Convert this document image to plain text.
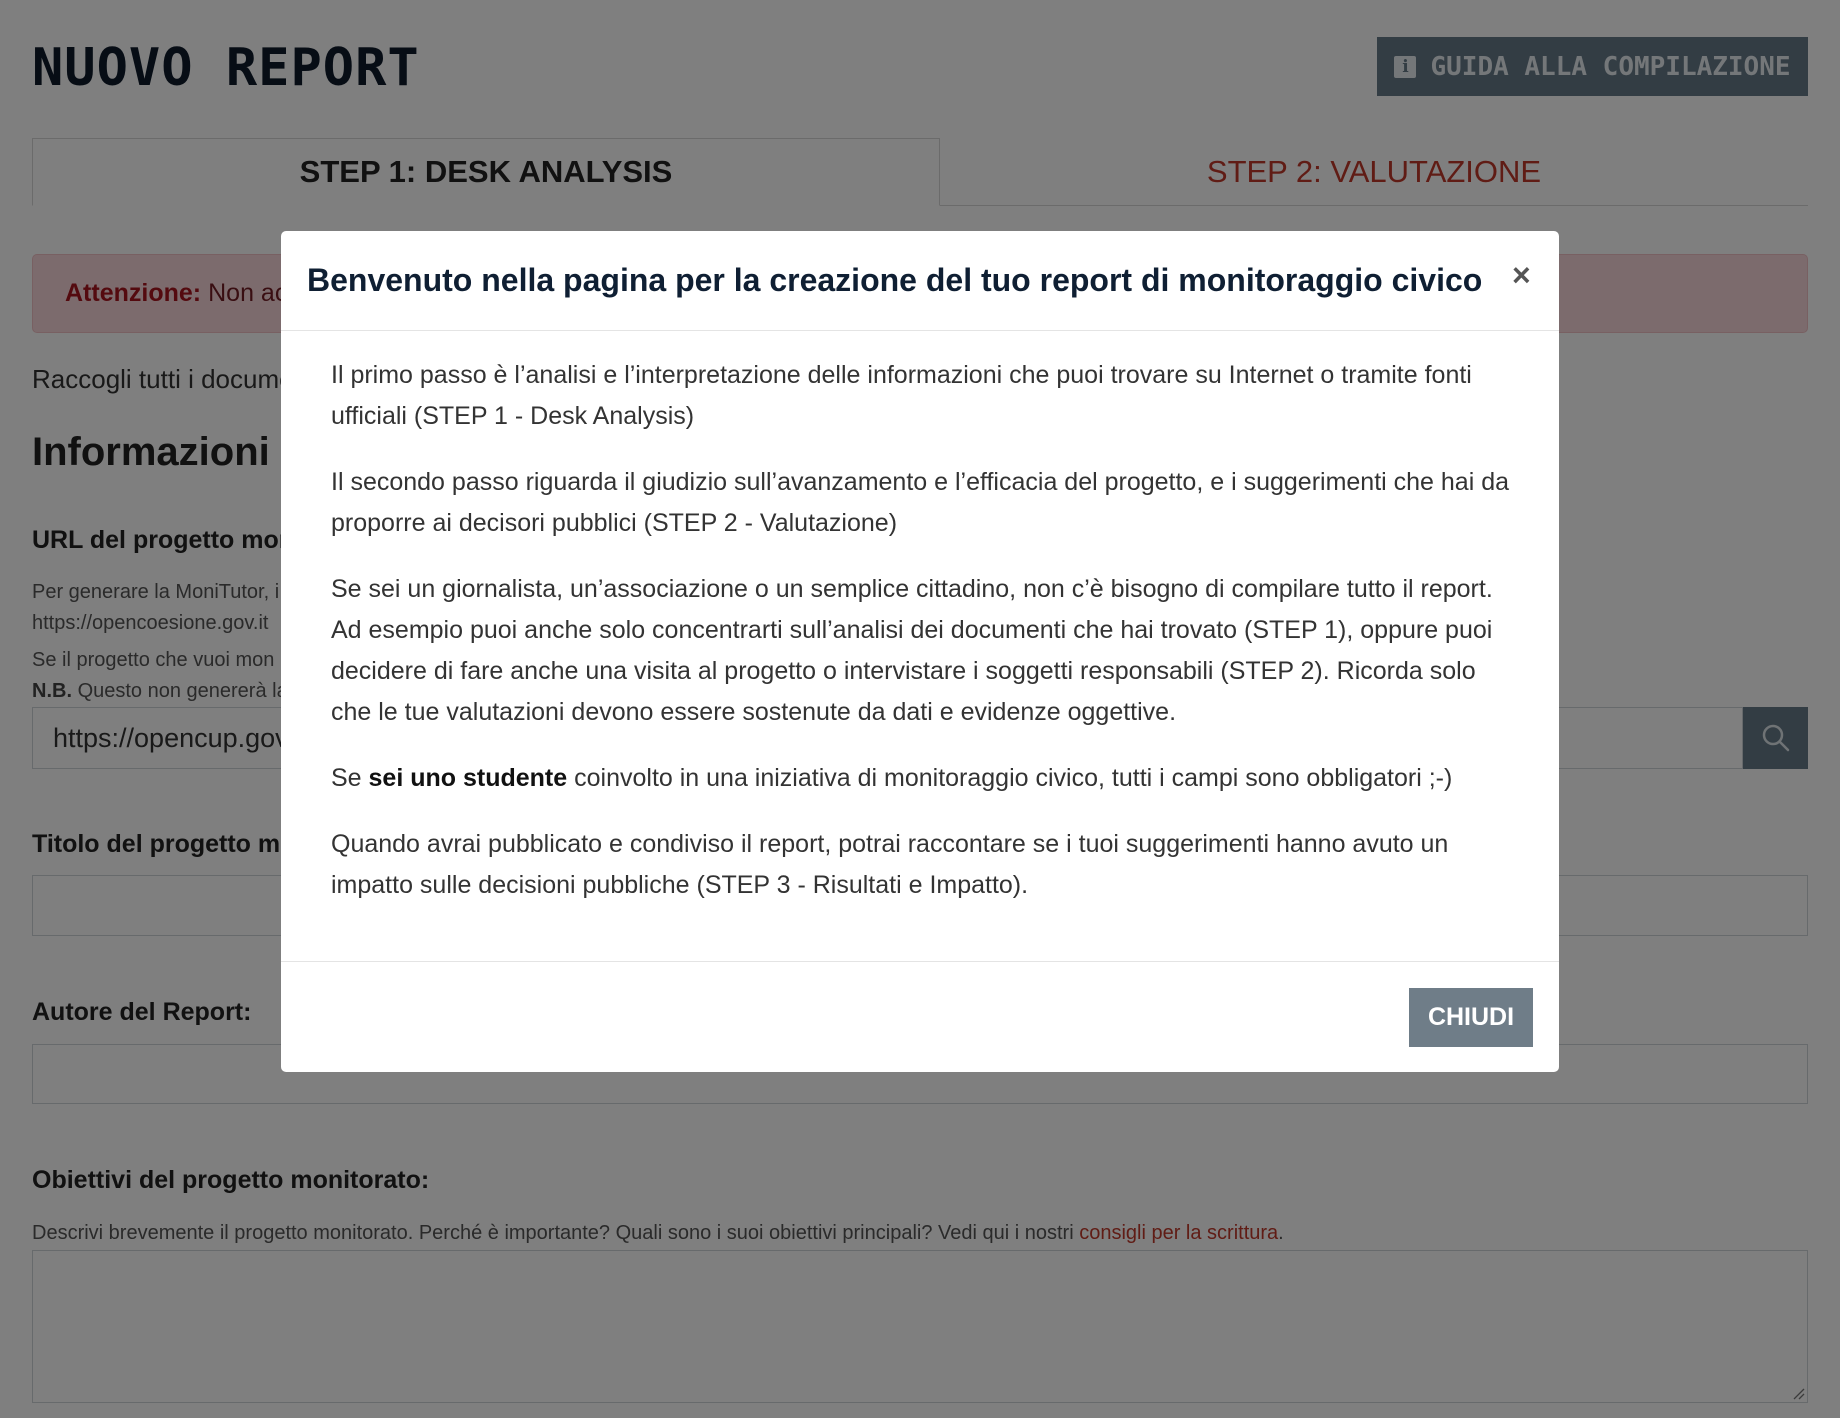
Benvenuto nella pagina per la creazione del tuo report di monitoraggio civico ×

Il primo passo è l’analisi e l’interpretazione delle informazioni che puoi trovare su Internet o tramite fonti ufficiali (STEP 1 - Desk Analysis)

Il secondo passo riguarda il giudizio sull’avanzamento e l’efficacia del progetto, e i suggerimenti che hai da proporre ai decisori pubblici (STEP 2 - Valutazione)

Se sei un giornalista, un’associazione o un semplice cittadino, non c’è bisogno di compilare tutto il report. Ad esempio puoi anche solo concentrarti sull’analisi dei documenti che hai trovato (STEP 1), oppure puoi decidere di fare anche una visita al progetto o intervistare i soggetti responsabili (STEP 2). Ricorda solo che le tue valutazioni devono essere sostenute da dati e evidenze oggettive.

Se sei uno studente coinvolto in una iniziativa di monitoraggio civico, tutti i campi sono obbligatori ;-)

Quando avrai pubblicato e condiviso il report, potrai raccontare se i tuoi suggerimenti hanno avuto un impatto sulle decisioni pubbliche (STEP 3 - Risultati e Impatto).

CHIUDI
